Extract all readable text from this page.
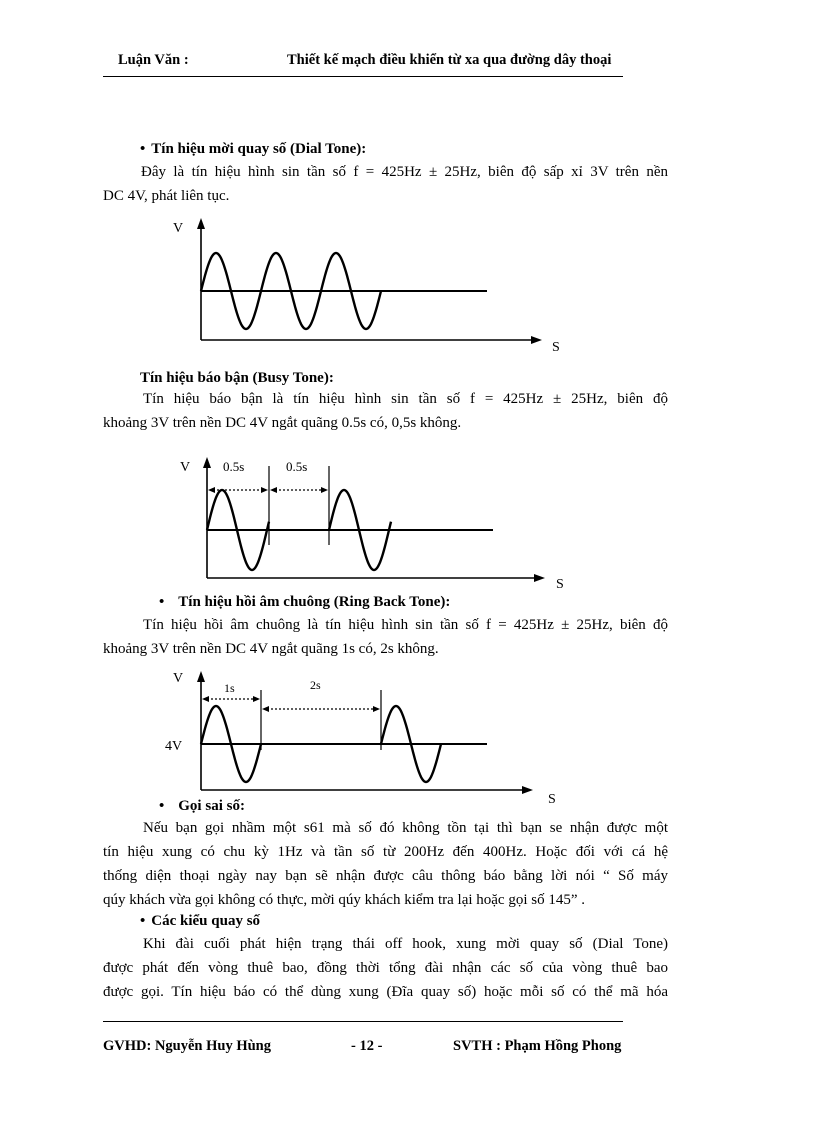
Luận Văn :	Thiết kế mạch điều khiển từ xa qua đường dây thoại
• Tín hiệu mời quay số (Dial Tone):
Đây là tín hiệu hình sin tần số f = 425Hz ± 25Hz, biên độ sấp xỉ 3V trên nền
DC 4V, phát liên tục.
V
S
Tín hiệu báo bận (Busy Tone):
Tín hiệu báo bận là tín hiệu hình sin tần số f = 425Hz ± 25Hz, biên độ
khoảng 3V trên nền DC 4V ngắt quãng 0.5s có, 0,5s không.
V	0.5s	0.5s
S
• Tín hiệu hồi âm chuông (Ring Back Tone):
Tín hiệu hồi âm chuông là tín hiệu hình sin tần số f = 425Hz ± 25Hz, biên độ
khoảng 3V trên nền DC 4V ngắt quãng 1s có, 2s không.
V
1s	2s
4V
S
• Gọi sai số:
Nếu bạn gọi nhầm một s61 mà số đó không tồn tại thì bạn se nhận được một
tín hiệu xung có chu kỳ 1Hz và tần số từ 200Hz đến 400Hz. Hoặc đối với cá hệ
thống diện thoại ngày nay bạn sẽ nhận được câu thông báo bằng lời nói “ Số máy
qúy khách vừa gọi không có thực, mời qúy khách kiểm tra lại hoặc gọi số 145” .
• Các kiểu quay số
Khi đài cuối phát hiện trạng thái off hook, xung mời quay số (Dial Tone)
được phát đến vòng thuê bao, đồng thời tổng đài nhận các số của vòng thuê bao
được gọi. Tín hiệu báo có thể dùng xung (Đĩa quay số) hoặc mỗi số có thể mã hóa
GVHD: Nguyễn Huy Hùng	- 12 -	SVTH : Phạm Hồng Phong
